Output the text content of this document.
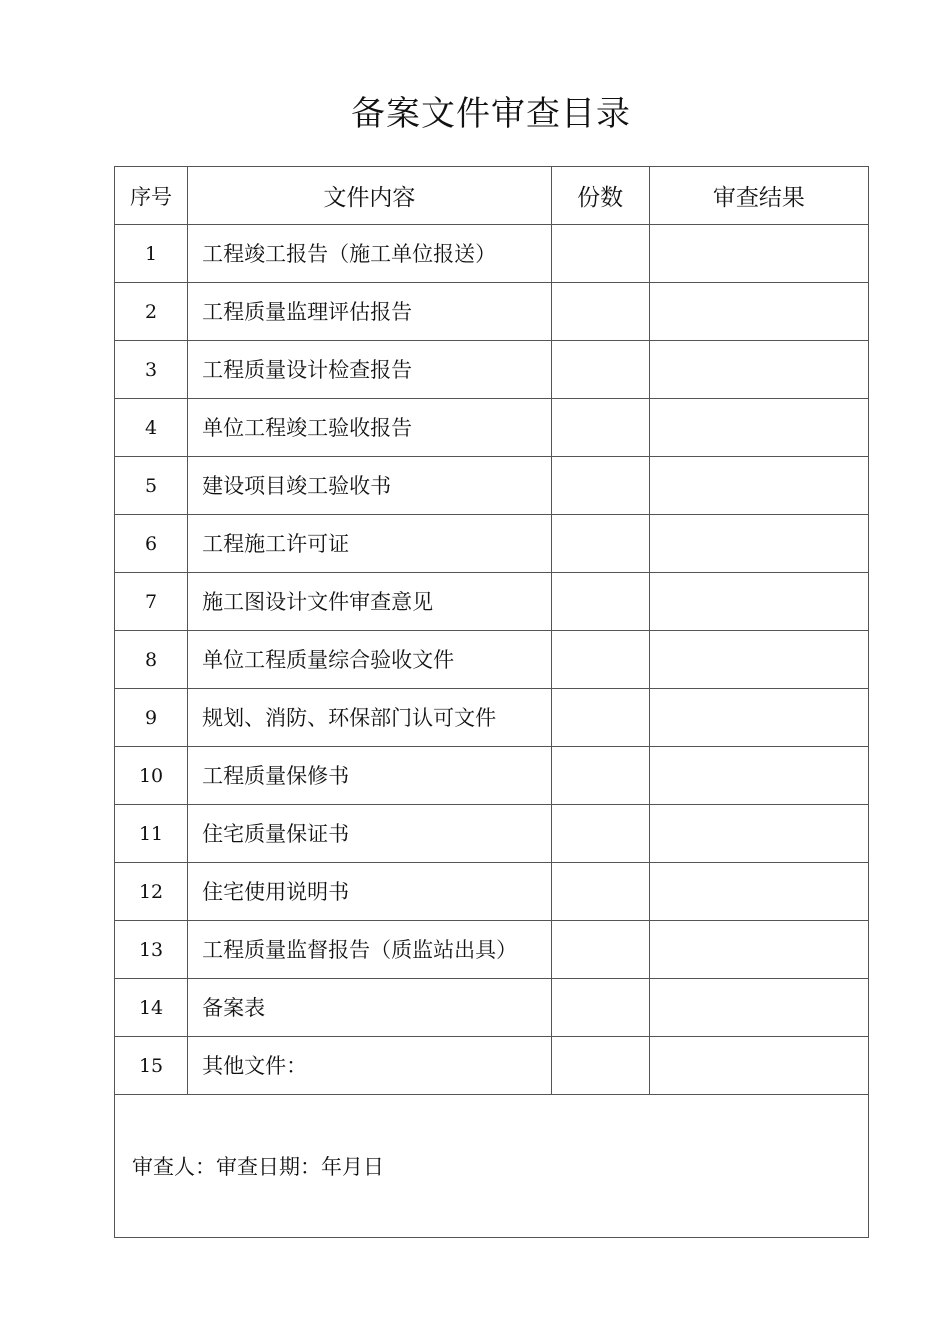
备案文件审查目录
序号	文件内容	份数	审查结果
1	工程竣工报告（施工单位报送）		
2	工程质量监理评估报告		
3	工程质量设计检查报告		
4	单位工程竣工验收报告		
5	建设项目竣工验收书		
6	工程施工许可证		
7	施工图设计文件审查意见		
8	单位工程质量综合验收文件		
9	规划、消防、环保部门认可文件		
10	工程质量保修书		
11	住宅质量保证书		
12	住宅使用说明书		
13	工程质量监督报告（质监站出具）		
14	备案表		
15	其他文件：		
审查人：审查日期：年月日			
